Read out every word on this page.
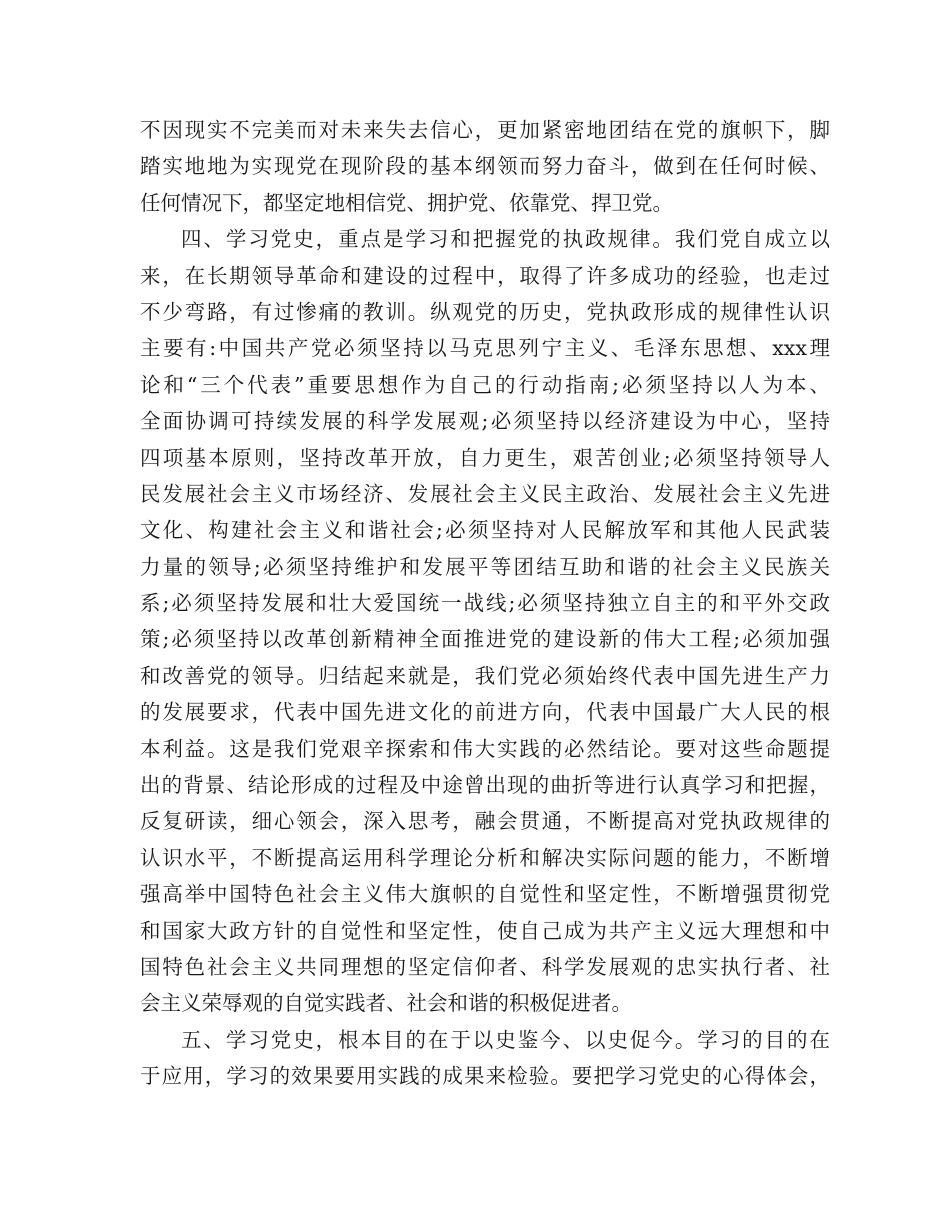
不因现实不完美而对未来失去信心，更加紧密地团结在党的旗帜下，脚
踏实地地为实现党在现阶段的基本纲领而努力奋斗，做到在任何时候、
任何情况下，都坚定地相信党、拥护党、依靠党、捍卫党。
四、学习党史，重点是学习和把握党的执政规律。我们党自成立以
来，在长期领导革命和建设的过程中，取得了许多成功的经验，也走过
不少弯路，有过惨痛的教训。纵观党的历史，党执政形成的规律性认识
主要有:中国共产党必须坚持以马克思列宁主义、毛泽东思想、xxx理
论和“三个代表”重要思想作为自己的行动指南;必须坚持以人为本、
全面协调可持续发展的科学发展观;必须坚持以经济建设为中心，坚持
四项基本原则，坚持改革开放，自力更生，艰苦创业;必须坚持领导人
民发展社会主义市场经济、发展社会主义民主政治、发展社会主义先进
文化、构建社会主义和谐社会;必须坚持对人民解放军和其他人民武装
力量的领导;必须坚持维护和发展平等团结互助和谐的社会主义民族关
系;必须坚持发展和壮大爱国统一战线;必须坚持独立自主的和平外交政
策;必须坚持以改革创新精神全面推进党的建设新的伟大工程;必须加强
和改善党的领导。归结起来就是，我们党必须始终代表中国先进生产力
的发展要求，代表中国先进文化的前进方向，代表中国最广大人民的根
本利益。这是我们党艰辛探索和伟大实践的必然结论。要对这些命题提
出的背景、结论形成的过程及中途曾出现的曲折等进行认真学习和把握，
反复研读，细心领会，深入思考，融会贯通，不断提高对党执政规律的
认识水平，不断提高运用科学理论分析和解决实际问题的能力，不断增
强高举中国特色社会主义伟大旗帜的自觉性和坚定性，不断增强贯彻党
和国家大政方针的自觉性和坚定性，使自己成为共产主义远大理想和中
国特色社会主义共同理想的坚定信仰者、科学发展观的忠实执行者、社
会主义荣辱观的自觉实践者、社会和谐的积极促进者。
五、学习党史，根本目的在于以史鉴今、以史促今。学习的目的在
于应用，学习的效果要用实践的成果来检验。要把学习党史的心得体会，
